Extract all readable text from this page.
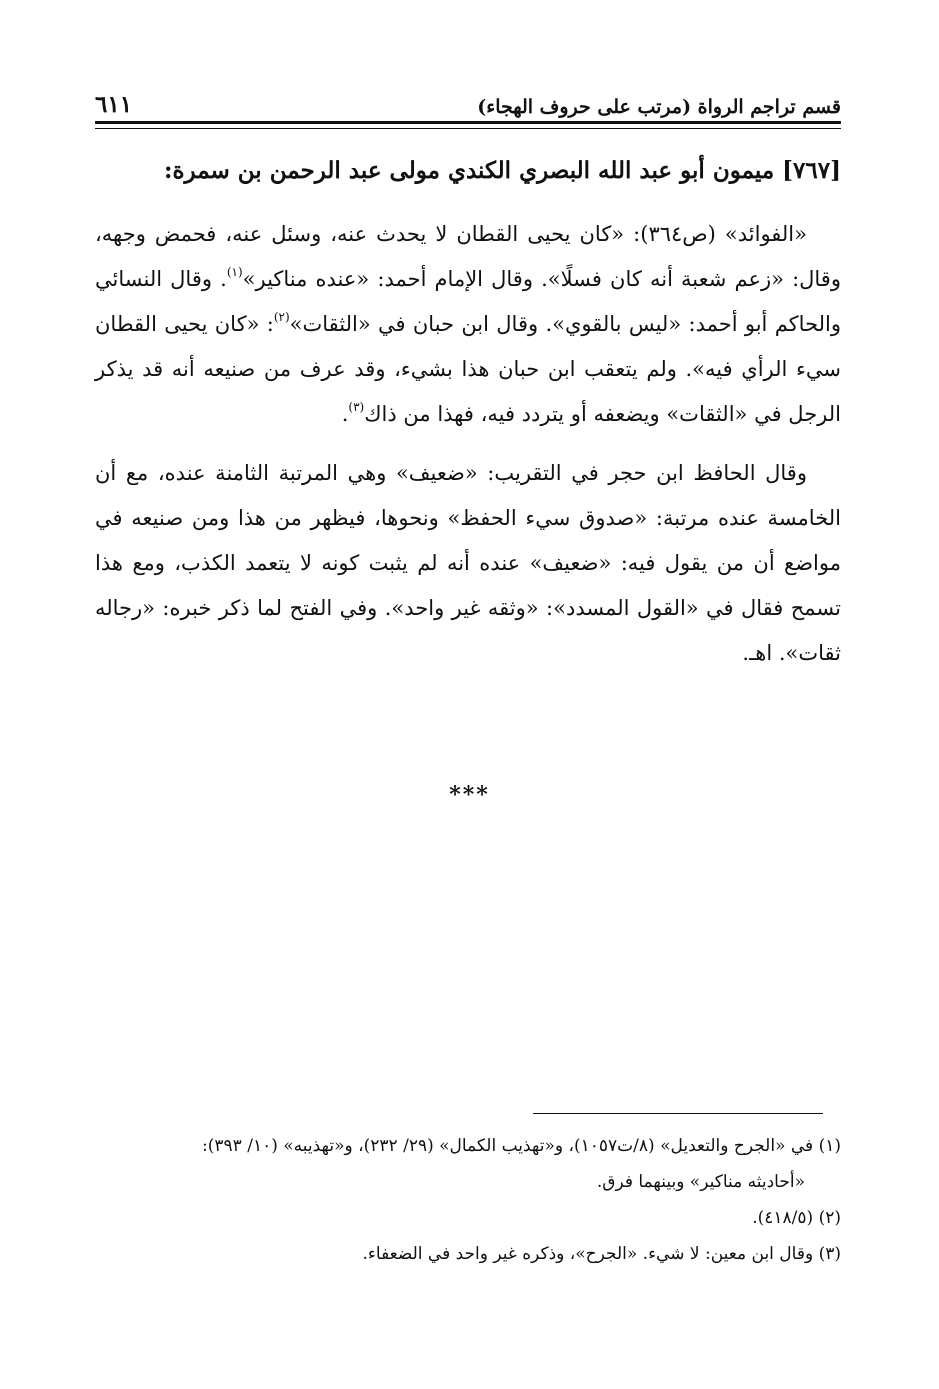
٦١١	قسم تراجم الرواة (مرتب على حروف الهجاء)

[٧٦٧] ميمون أبو عبد الله البصري الكندي مولى عبد الرحمن بن سمرة:

«الفوائد» (ص٣٦٤): «كان يحيى القطان لا يحدث عنه، وسئل عنه، فحمض وجهه، وقال: «زعم شعبة أنه كان فسلًا». وقال الإمام أحمد: «عنده مناكير»$^{(١)}$. وقال النسائي والحاكم أبو أحمد: «ليس بالقوي». وقال ابن حبان في «الثقات»$^{(٢)}$: «كان يحيى القطان سيء الرأي فيه». ولم يتعقب ابن حبان هذا بشيء، وقد عرف من صنيعه أنه قد يذكر الرجل في «الثقات» ويضعفه أو يتردد فيه، فهذا من ذاك$^{(٣)}$.

وقال الحافظ ابن حجر في التقريب: «ضعيف» وهي المرتبة الثامنة عنده، مع أن الخامسة عنده مرتبة: «صدوق سيء الحفظ» ونحوها، فيظهر من هذا ومن صنيعه في مواضع أن من يقول فيه: «ضعيف» عنده أنه لم يثبت كونه لا يتعمد الكذب، ومع هذا تسمح فقال في «القول المسدد»: «وثقه غير واحد». وفي الفتح لما ذكر خبره: «رجاله ثقات». اهـ.

***

(١) في «الجرح والتعديل» (٨/ت١٠٥٧)، و«تهذيب الكمال» (٢٩/ ٢٣٢)، و«تهذيبه» (١٠/ ٣٩٣):

«أحاديثه مناكير» وبينهما فرق.

(٢) (٤١٨/٥).

(٣) وقال ابن معين: لا شيء. «الجرح»، وذكره غير واحد في الضعفاء.
